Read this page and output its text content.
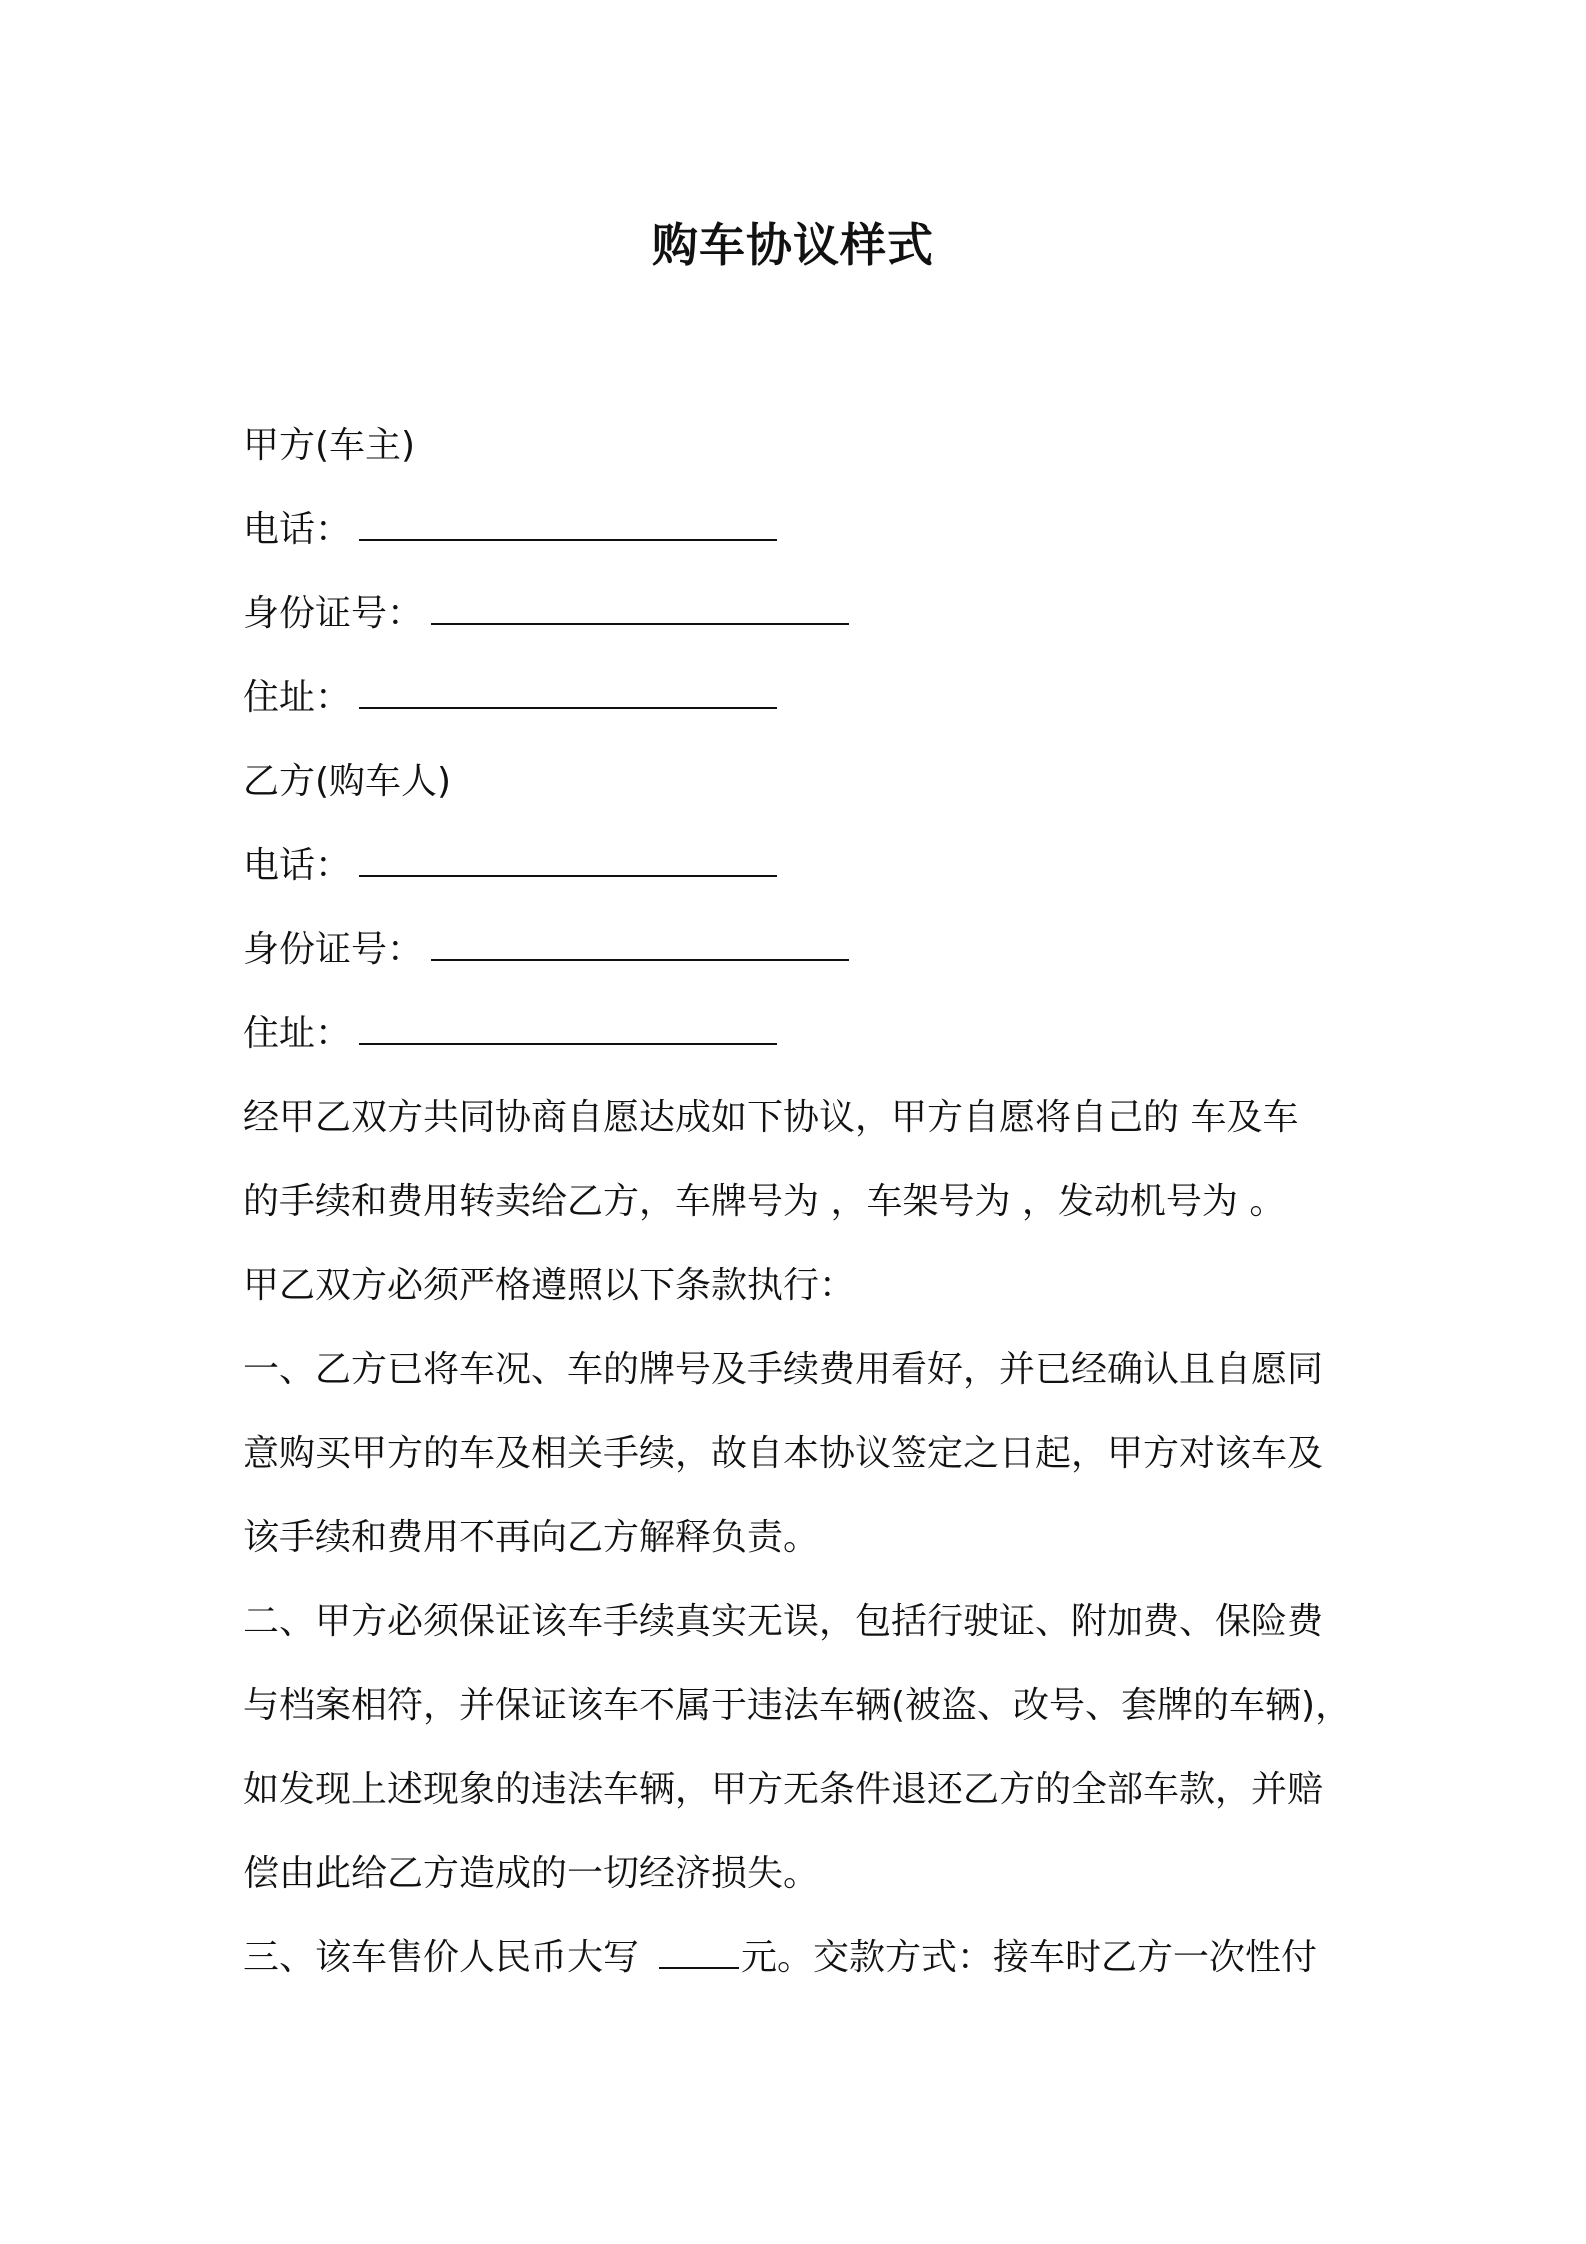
购车协议样式
甲方(车主)
电话：
身份证号：
住址：
乙方(购车人)
电话：
身份证号：
住址：
经甲乙双方共同协商自愿达成如下协议，甲方自愿将自己的 车及车
的手续和费用转卖给乙方，车牌号为 ，车架号为 ，发动机号为 。
甲乙双方必须严格遵照以下条款执行：
一、乙方已将车况、车的牌号及手续费用看好，并已经确认且自愿同
意购买甲方的车及相关手续，故自本协议签定之日起，甲方对该车及
该手续和费用不再向乙方解释负责。
二、甲方必须保证该车手续真实无误，包括行驶证、附加费、保险费
与档案相符，并保证该车不属于违法车辆(被盗、改号、套牌的车辆)，
如发现上述现象的违法车辆，甲方无条件退还乙方的全部车款，并赔
偿由此给乙方造成的一切经济损失。
三、该车售价人民币大写	元。交款方式：接车时乙方一次性付
